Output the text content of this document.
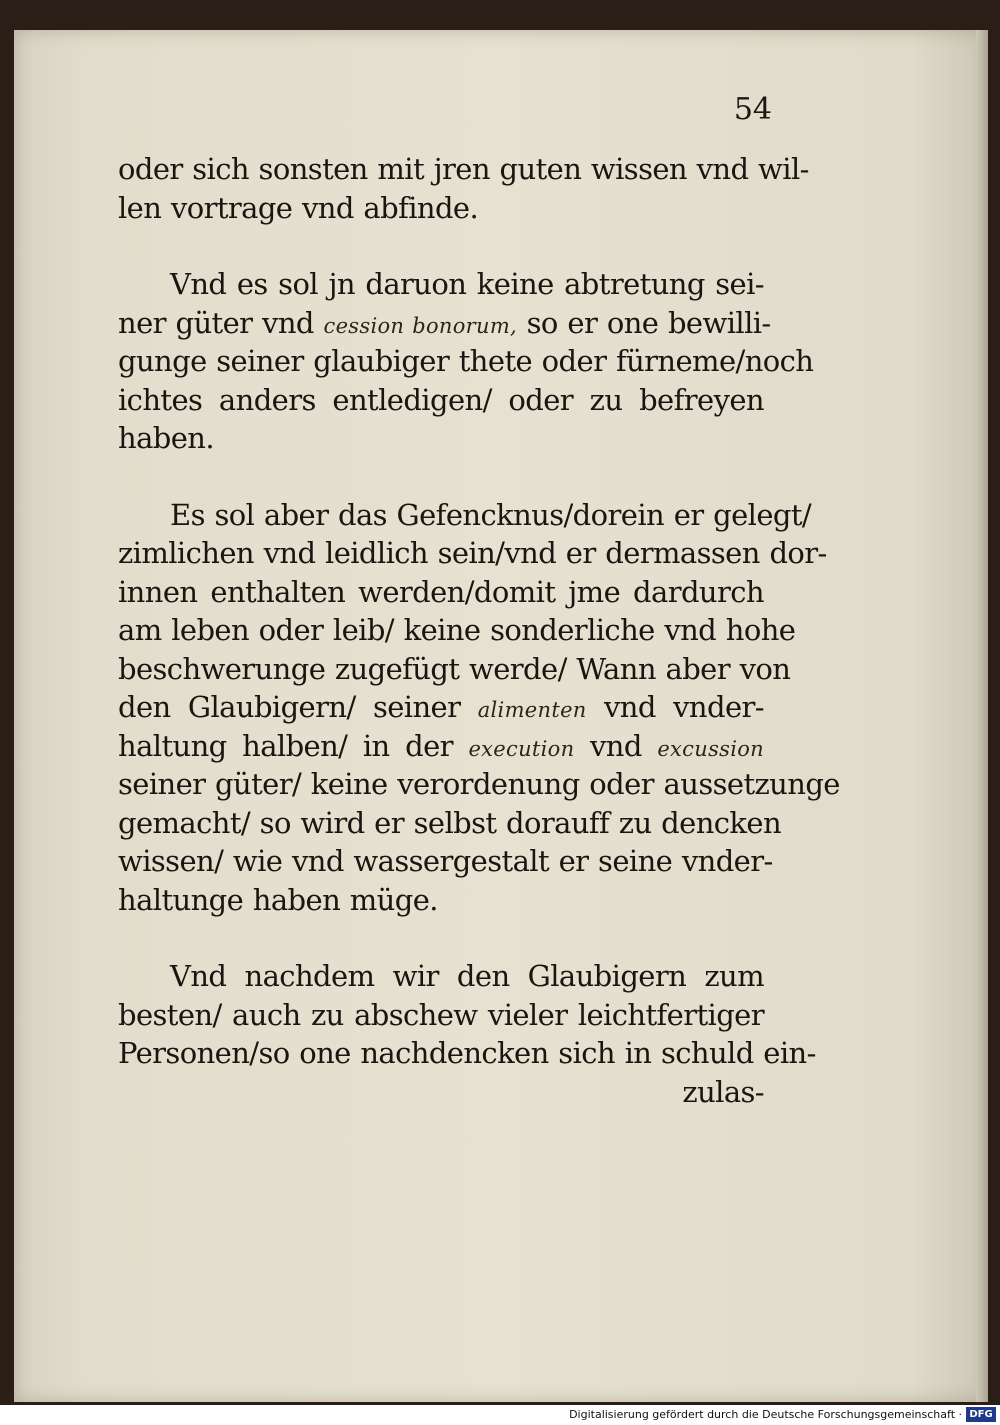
54
oder sich sonsten mit jren guten wissen vnd wil-
len vortrage vnd abfinde.
Vnd es sol jn daruon keine abtretung sei-
ner güter vnd cession bonorum, so er one bewilli-
gunge seiner glaubiger thete oder fürneme/noch
ichtes anders entledigen/ oder zu befreyen
haben.
Es sol aber das Gefencknus/dorein er gelegt/
zimlichen vnd leidlich sein/vnd er dermassen dor-
innen enthalten werden/domit jme dardurch
am leben oder leib/ keine sonderliche vnd hohe
beschwerunge zugefügt werde/ Wann aber von
den Glaubigern/ seiner alimenten vnd vnder-
haltung halben/ in der execution vnd excussion
seiner güter/ keine verordenung oder aussetzunge
gemacht/ so wird er selbst dorauff zu dencken
wissen/ wie vnd wassergestalt er seine vnder-
haltunge haben müge.
Vnd nachdem wir den Glaubigern zum
besten/ auch zu abschew vieler leichtfertiger
Personen/so one nachdencken sich in schuld ein-
zulas-
Digitalisierung gefördert durch die Deutsche Forschungsgemeinschaft · DFG
